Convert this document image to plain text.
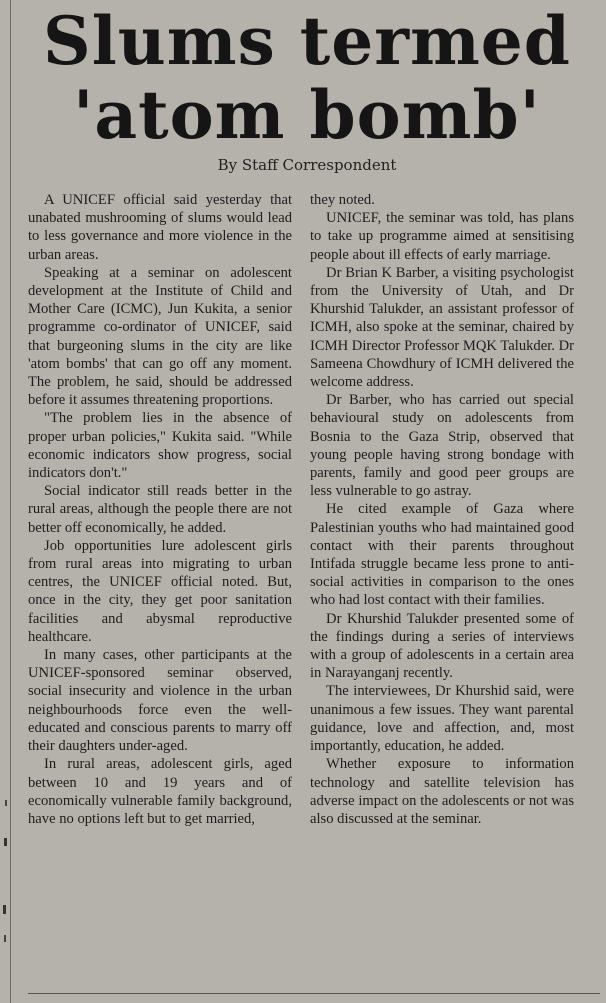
Slums termed
'atom bomb'
By Staff Correspondent

A UNICEF official said yesterday that unabated mushrooming of slums would lead to less governance and more violence in the urban areas.

Speaking at a seminar on adolescent development at the Institute of Child and Mother Care (ICMC), Jun Kukita, a senior programme co-ordinator of UNICEF, said that burgeoning slums in the city are like 'atom bombs' that can go off any moment. The problem, he said, should be addressed before it assumes threatening proportions.

"The problem lies in the absence of proper urban policies," Kukita said. "While economic indicators show progress, social indicators don't."

Social indicator still reads better in the rural areas, although the people there are not better off economically, he added.

Job opportunities lure adolescent girls from rural areas into migrating to urban centres, the UNICEF official noted. But, once in the city, they get poor sanitation facilities and abysmal reproductive healthcare.

In many cases, other participants at the UNICEF-sponsored seminar observed, social insecurity and violence in the urban neighbourhoods force even the well-educated and conscious parents to marry off their daughters under-aged.

In rural areas, adolescent girls, aged between 10 and 19 years and of economically vulnerable family background, have no options left but to get married,

they noted.

UNICEF, the seminar was told, has plans to take up programme aimed at sensitising people about ill effects of early marriage.

Dr Brian K Barber, a visiting psychologist from the University of Utah, and Dr Khurshid Talukder, an assistant professor of ICMH, also spoke at the seminar, chaired by ICMH Director Professor MQK Talukder. Dr Sameena Chowdhury of ICMH delivered the welcome address.

Dr Barber, who has carried out special behavioural study on adolescents from Bosnia to the Gaza Strip, observed that young people having strong bondage with parents, family and good peer groups are less vulnerable to go astray.

He cited example of Gaza where Palestinian youths who had maintained good contact with their parents throughout Intifada struggle became less prone to anti-social activities in comparison to the ones who had lost contact with their families.

Dr Khurshid Talukder presented some of the findings during a series of interviews with a group of adolescents in a certain area in Narayanganj recently.

The interviewees, Dr Khurshid said, were unanimous a few issues. They want parental guidance, love and affection, and, most importantly, education, he added.

Whether exposure to information technology and satellite television has adverse impact on the adolescents or not was also discussed at the seminar.
